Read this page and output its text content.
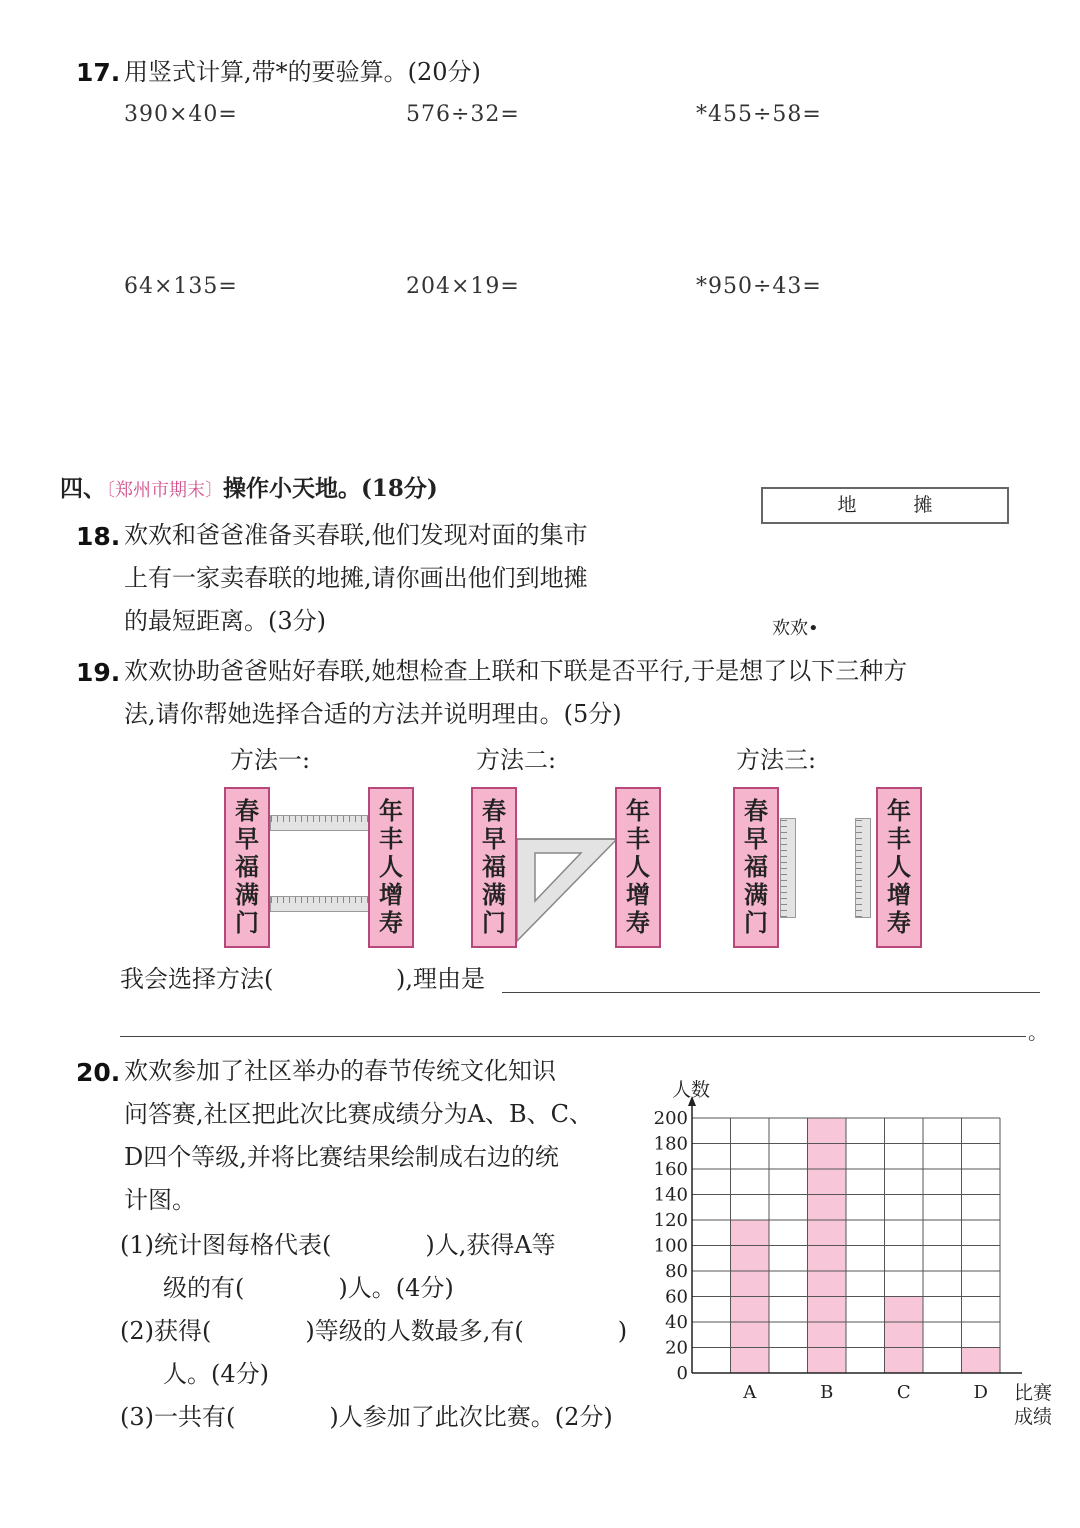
17. 用竖式计算,带*的要验算。(20分)
390×40=	576÷32=	*455÷58=
64×135=	204×19=	*950÷43=
四、〔郑州市期末〕操作小天地。(18分)
18. 欢欢和爸爸准备买春联,他们发现对面的集市
上有一家卖春联的地摊,请你画出他们到地摊
的最短距离。(3分)
地　　　摊
欢欢•
19. 欢欢协助爸爸贴好春联,她想检查上联和下联是否平行,于是想了以下三种方
法,请你帮她选择合适的方法并说明理由。(5分)
方法一:	方法二:	方法三:
春
早
福
满
门
年
丰
人
增
寿
春
早
福
满
门
年
丰
人
增
寿
春
早
福
满
门
年
丰
人
增
寿
我会选择方法(	),理由是
。
20. 欢欢参加了社区举办的春节传统文化知识
问答赛,社区把此次比赛成绩分为A、B、C、
D四个等级,并将比赛结果绘制成右边的统
计图。
(1)统计图每格代表(	)人,获得A等
级的有(	)人。(4分)
(2)获得(	)等级的人数最多,有(	)
人。(4分)
(3)一共有(	)人参加了此次比赛。(2分)
0
20
40
60
80
100
120
140
160
180
200
A	B	C	D
人数
比赛
成绩
